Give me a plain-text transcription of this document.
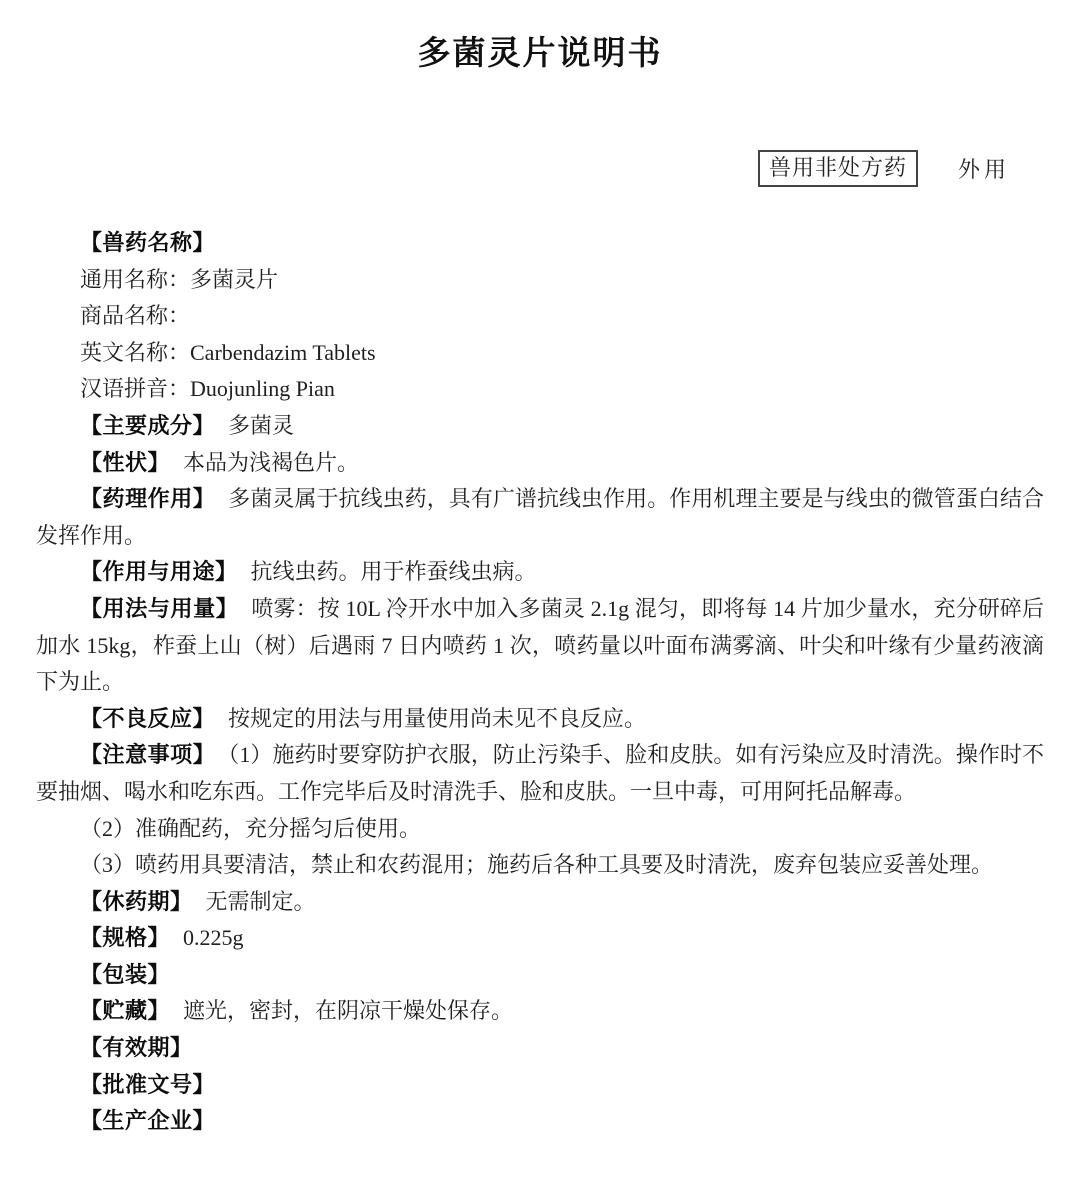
多菌灵片说明书
兽用非处方药	外用

【兽药名称】

通用名称：多菌灵片

商品名称：

英文名称：Carbendazim Tablets

汉语拼音：Duojunling Pian

【主要成分】 多菌灵

【性状】 本品为浅褐色片。

【药理作用】 多菌灵属于抗线虫药，具有广谱抗线虫作用。作用机理主要是与线虫的微管蛋白结合发挥作用。

【作用与用途】 抗线虫药。用于柞蚕线虫病。

【用法与用量】 喷雾：按 10L 冷开水中加入多菌灵 2.1g 混匀，即将每 14 片加少量水，充分研碎后加水 15kg，柞蚕上山（树）后遇雨 7 日内喷药 1 次，喷药量以叶面布满雾滴、叶尖和叶缘有少量药液滴下为止。

【不良反应】 按规定的用法与用量使用尚未见不良反应。

【注意事项】 （1）施药时要穿防护衣服，防止污染手、脸和皮肤。如有污染应及时清洗。操作时不要抽烟、喝水和吃东西。工作完毕后及时清洗手、脸和皮肤。一旦中毒，可用阿托品解毒。

（2）准确配药，充分摇匀后使用。

（3）喷药用具要清洁，禁止和农药混用；施药后各种工具要及时清洗，废弃包装应妥善处理。

【休药期】 无需制定。

【规格】 0.225g

【包装】

【贮藏】 遮光，密封，在阴凉干燥处保存。

【有效期】

【批准文号】

【生产企业】
